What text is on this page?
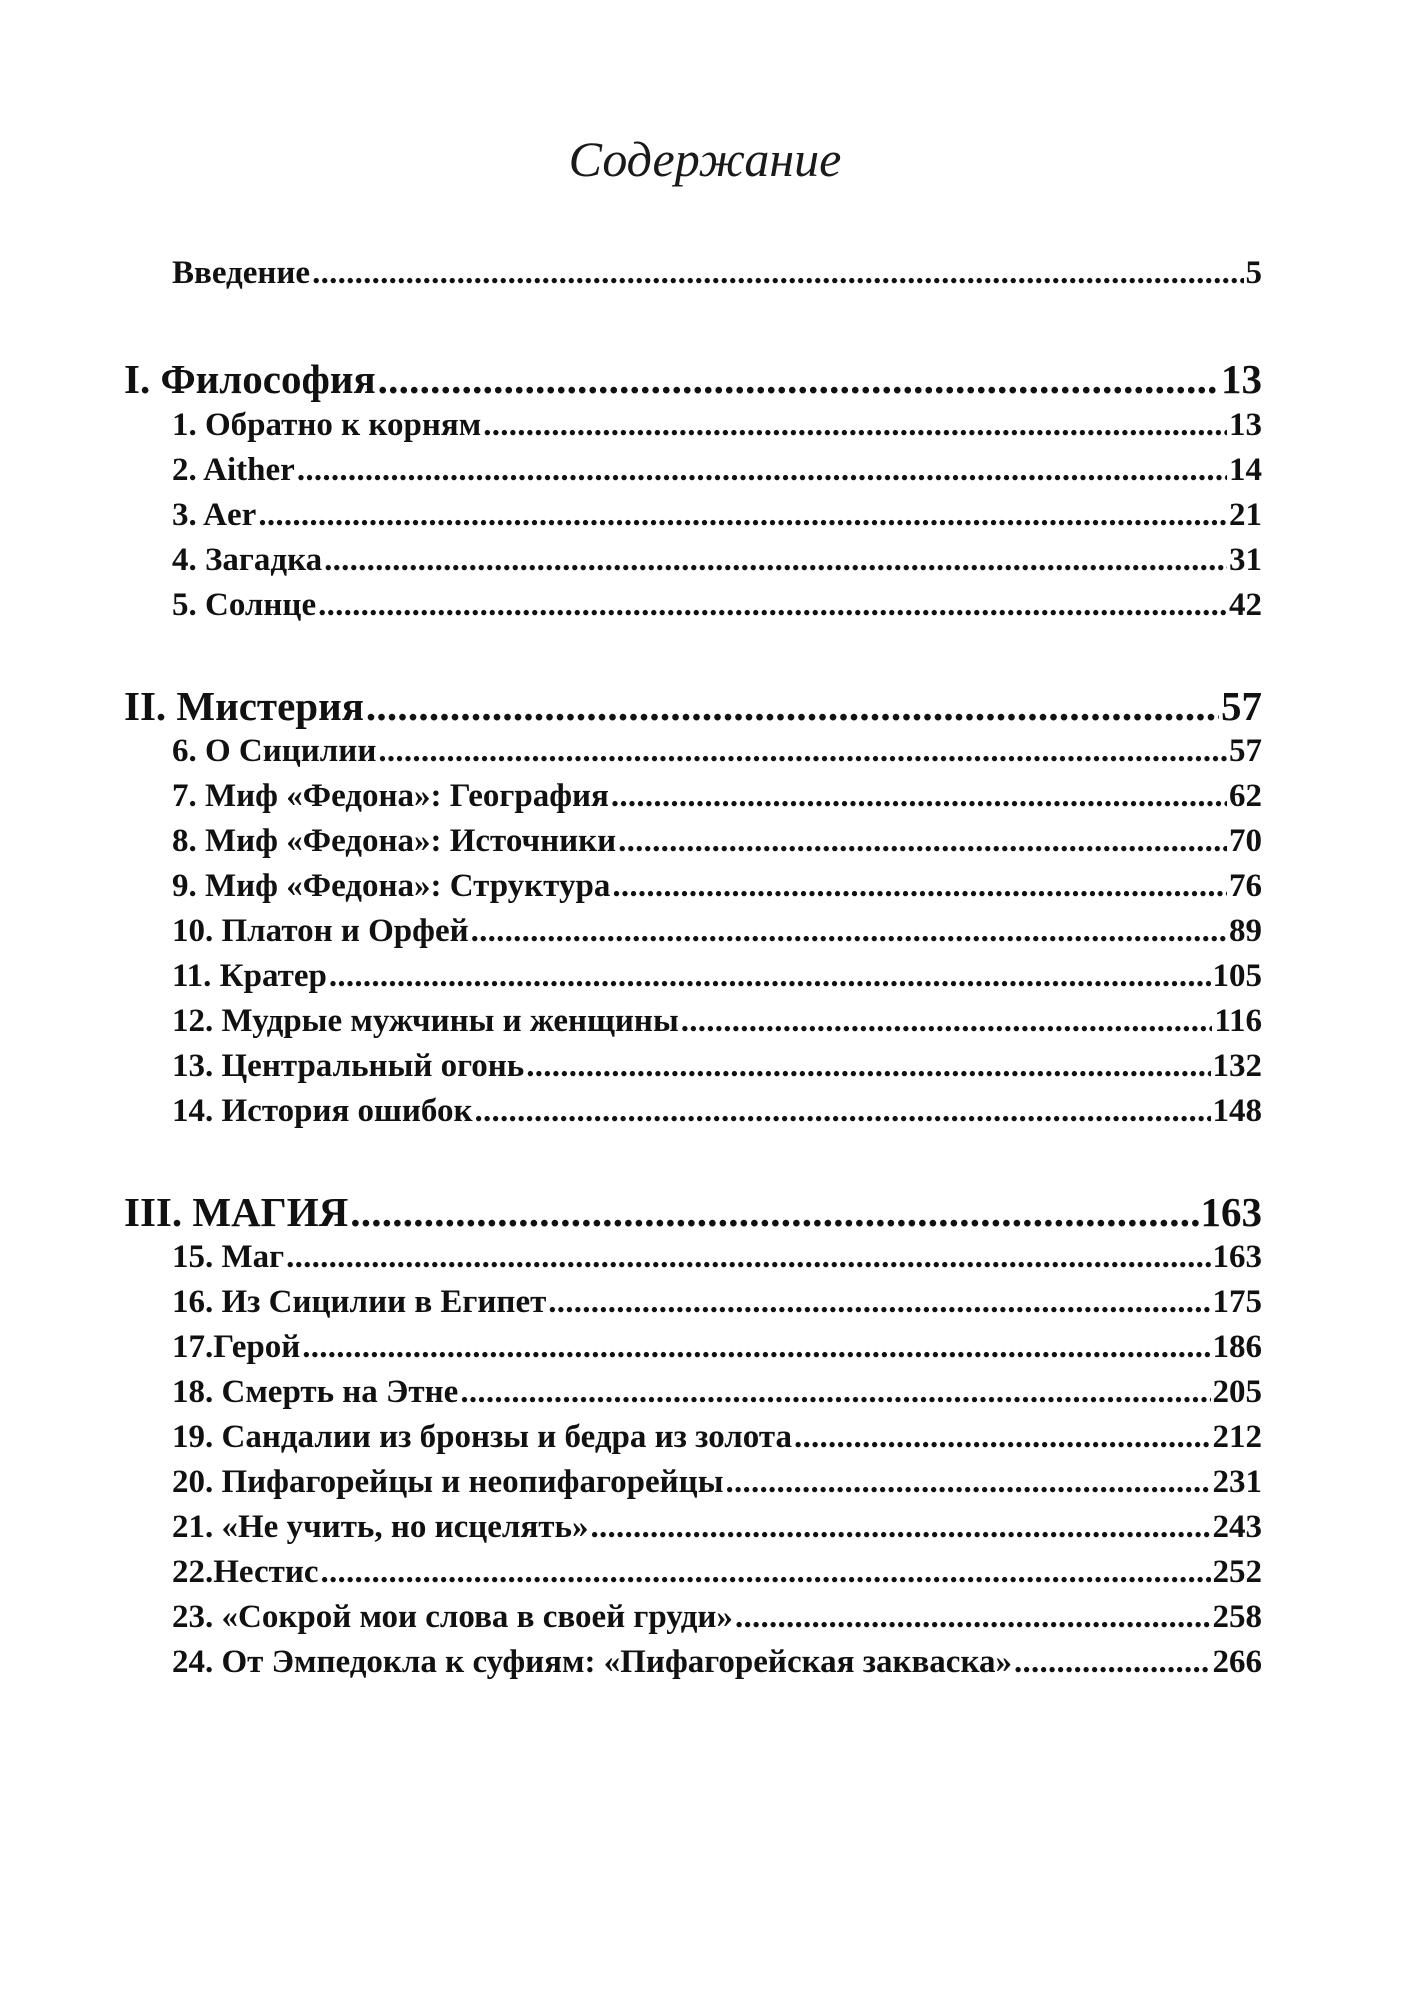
Содержание
Введение . . .	5
I. Философия . . .	13
1. Обратно к корням . . .	13
2. Aither . . .	14
3. Aer . . .	21
4. Загадка . . .	31
5. Солнце . . .	42
II. Мистерия . . .	57
6. О Сицилии . . .	57
7. Миф «Федона»: География . . .	62
8. Миф «Федона»: Источники . . .	70
9. Миф «Федона»: Структура . . .	76
10. Платон и Орфей . . .	89
11. Кратер . . .	105
12. Мудрые мужчины и женщины . . .	116
13. Центральный огонь . . .	132
14. История ошибок . . .	148
III. МАГИЯ . . .	163
15. Маг . . .	163
16. Из Сицилии в Египет . . .	175
17.Герой . . .	186
18. Смерть на Этне . . .	205
19. Сандалии из бронзы и бедра из золота . . .	212
20. Пифагорейцы и неопифагорейцы . . .	231
21. «Не учить, но исцелять» . . .	243
22.Нестис . . .	252
23. «Сокрой мои слова в своей груди» . . .	258
24. От Эмпедокла к суфиям: «Пифагорейская закваска» . . .	266
